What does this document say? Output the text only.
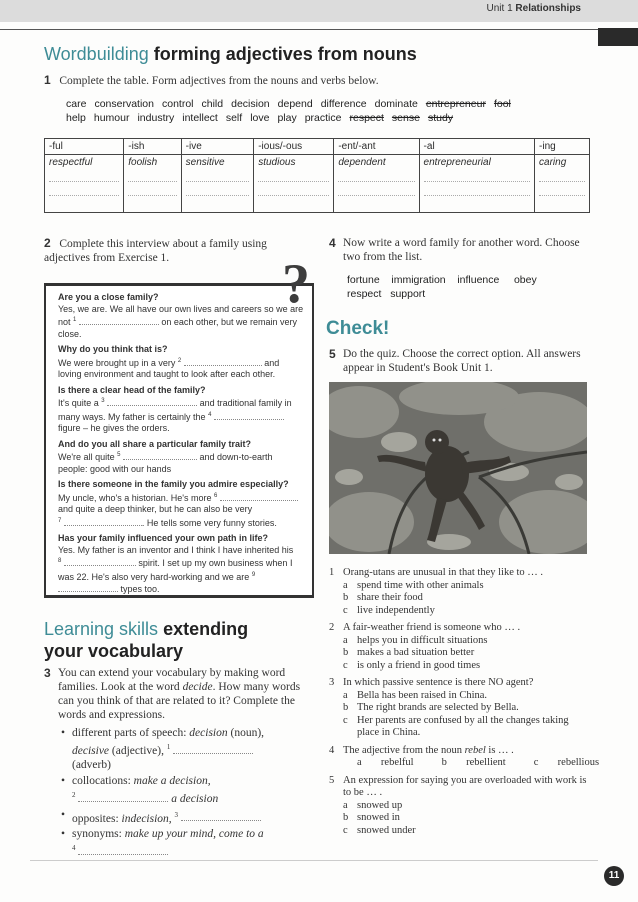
Unit 1 Relationships
Wordbuilding forming adjectives from nouns
1 Complete the table. Form adjectives from the nouns and verbs below.
care conservation control child decision depend difference dominate entrepreneur fool
help humour industry intellect self love play practice respect sense study
-ful	-ish	-ive	-ious/-ous	-ent/-ant	-al	-ing

respectful	foolish	sensitive	studious	dependent	entrepreneurial	caring
2 Complete this interview about a family using adjectives from Exercise 1.
Are you a close family?
Yes, we are. We all have our own lives and careers so we are
not $^1$	on each other, but we remain very close.
Why do you think that is?
We were brought up in a very $^2$	and loving environment and taught to look after each other.
Is there a clear head of the family?
It's quite a $^3$	and traditional family in many ways. My father is certainly the $^4$  figure – he gives the orders.
And do you all share a particular family trait?
We're all quite $^5$	and down-to-earth people: good with our hands
Is there someone in the family you admire especially?
My uncle, who's a historian. He's more $^6$  and quite a deep thinker, but he can also be very
$^7$	. He tells some very funny stories.
Has your family influenced your own path in life?
Yes. My father is an inventor and I think I have inherited his
$^8$	spirit. I set up my own business when I was 22. He's also very hard-working and we are $^9$  types too.
?
Learning skills extending
your vocabulary
3 You can extend your vocabulary by making word families. Look at the word decide. How many words can you think of that are related to it? Complete the words and expressions.
• different parts of speech: decision (noun),
decisive (adjective), $^1$
(adverb)
• collocations: make a decision,
$^2$	a decision
• opposites: indecision, $^3$
• synonyms: make up your mind, come to a
$^4$
4 Now write a word family for another word. Choose two from the list.
fortune immigration influence obey
respect support
Check!
5 Do the quiz. Choose the correct option. All answers appear in Student's Book Unit 1.
1 Orang-utans are unusual in that they like to … .
a spend time with other animals
b share their food
c live independently
2 A fair-weather friend is someone who … .
a helps you in difficult situations
b makes a bad situation better
c is only a friend in good times
3 In which passive sentence is there NO agent?
a Bella has been raised in China.
b The right brands are selected by Bella.
c Her parents are confused by all the changes taking place in China.
4 The adjective from the noun rebel is … .
a rebelful	b rebellient	c rebellious
5 An expression for saying you are overloaded with work is to be … .
a snowed up
b snowed in
c snowed under
11
